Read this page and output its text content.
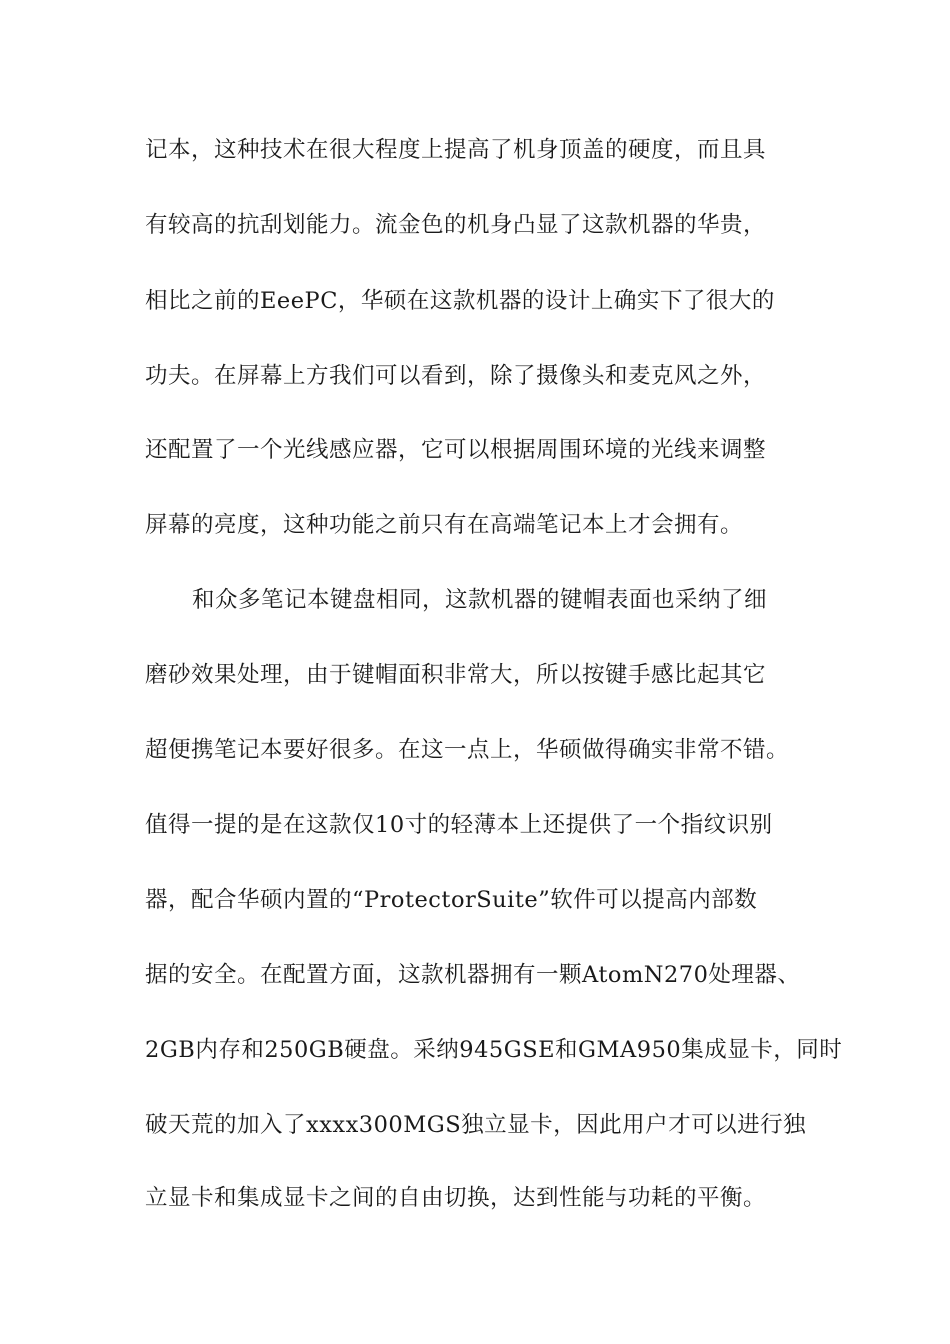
记本，这种技术在很大程度上提高了机身顶盖的硬度，而且具
有较高的抗刮划能力。流金色的机身凸显了这款机器的华贵，
相比之前的EeePC，华硕在这款机器的设计上确实下了很大的
功夫。在屏幕上方我们可以看到，除了摄像头和麦克风之外，
还配置了一个光线感应器，它可以根据周围环境的光线来调整
屏幕的亮度，这种功能之前只有在高端笔记本上才会拥有。
和众多笔记本键盘相同，这款机器的键帽表面也采纳了细
磨砂效果处理，由于键帽面积非常大，所以按键手感比起其它
超便携笔记本要好很多。在这一点上，华硕做得确实非常不错。
值得一提的是在这款仅10寸的轻薄本上还提供了一个指纹识别
器，配合华硕内置的“ProtectorSuite”软件可以提高内部数
据的安全。在配置方面，这款机器拥有一颗AtomN270处理器、
2GB内存和250GB硬盘。采纳945GSE和GMA950集成显卡，同时
破天荒的加入了xxxx300MGS独立显卡，因此用户才可以进行独
立显卡和集成显卡之间的自由切换，达到性能与功耗的平衡。
